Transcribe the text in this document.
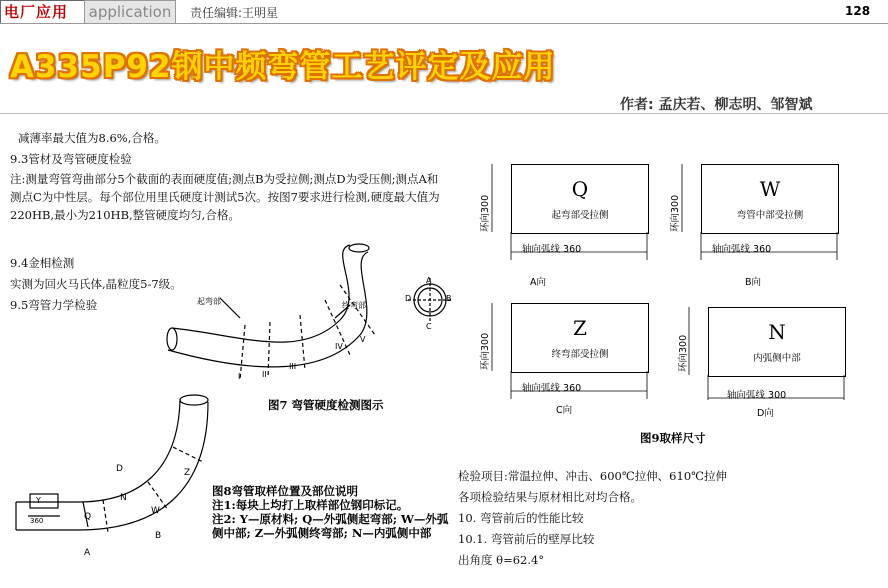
电厂应用	application	责任编辑:王明星	128
A335P92钢中频弯管工艺评定及应用
作者: 孟庆若、柳志明、邹智斌
减薄率最大值为8.6%,合格。
9.3管材及弯管硬度检验
注:测量弯管弯曲部分5个截面的表面硬度值;测点B为受拉侧;测点D为受压侧;测点A和测点C为中性层。每个部位用里氏硬度计测试5次。按图7要求进行检测,硬度最大值为220HB,最小为210HB,整管硬度均匀,合格。
9.4金相检测
实测为回火马氏体,晶粒度5-7级。
9.5弯管力学检验	起弯部	终弯部
I	II
III
IV
V
A
B
C
D
图7 弯管硬度检测图示
D
N
W
Z
Y
Q
B
A
360
图8弯管取样位置及部位说明
注1:每块上均打上取样部位钢印标记。
注2: Y—原材料; Q—外弧侧起弯部; W—外弧侧中部; Z—外弧侧终弯部; N—内弧侧中部
Q
起弯部受拉侧
环向300
轴向弧线 360
A向
W
弯管中部受拉侧
环向300
轴向弧线 360
B向
Z
终弯部受拉侧
环向300
轴向弧线 360
C向
N
内弧侧中部
环向300
轴向弧线 300
D向
图9取样尺寸
检验项目:常温拉伸、冲击、600℃拉伸、610℃拉伸
各项检验结果与原材相比对均合格。
10. 弯管前后的性能比较
10.1. 弯管前后的壁厚比较
出角度 θ=62.4°
